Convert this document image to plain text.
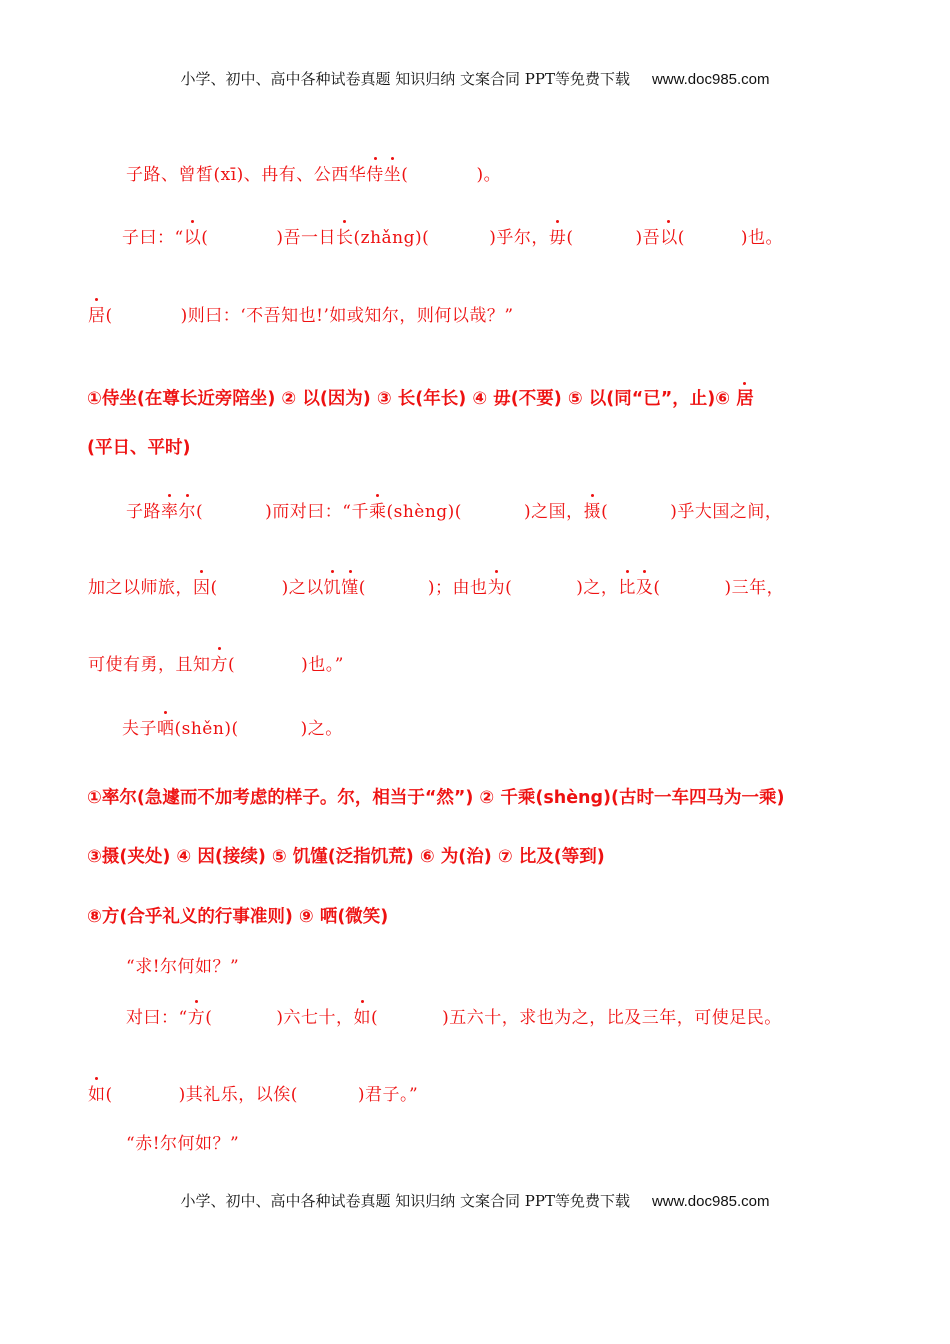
小学、初中、高中各种试卷真题 知识归纳 文案合同 PPT等免费下载 www.doc985.com
子路、曾皙(xī)、冉有、公西华侍坐(	)。
子曰：“以(	)吾一日长(zhǎng)(	)乎尔，毋(	)吾以(	)也。
居(	)则曰：‘不吾知也!’如或知尔，则何以哉？”
①侍坐(在尊长近旁陪坐) ② 以(因为) ③ 长(年长) ④ 毋(不要) ⑤ 以(同“已”，止)⑥ 居
(平日、平时)
子路率尔(	)而对曰：“千乘(shèng)(	)之国，摄(	)乎大国之间，
加之以师旅，因(	)之以饥馑(	)；由也为(	)之，比及(	)三年，
可使有勇，且知方(	)也。”
夫子哂(shěn)(	)之。
①率尔(急遽而不加考虑的样子。尔，相当于“然”) ② 千乘(shèng)(古时一车四马为一乘)
③摄(夹处) ④ 因(接续) ⑤ 饥馑(泛指饥荒) ⑥ 为(治) ⑦ 比及(等到)
⑧方(合乎礼义的行事准则) ⑨ 哂(微笑)
“求!尔何如？”
对曰：“方(	)六七十，如(	)五六十，求也为之，比及三年，可使足民。
如(	)其礼乐，以俟(	)君子。”
“赤!尔何如？”
小学、初中、高中各种试卷真题 知识归纳 文案合同 PPT等免费下载 www.doc985.com
